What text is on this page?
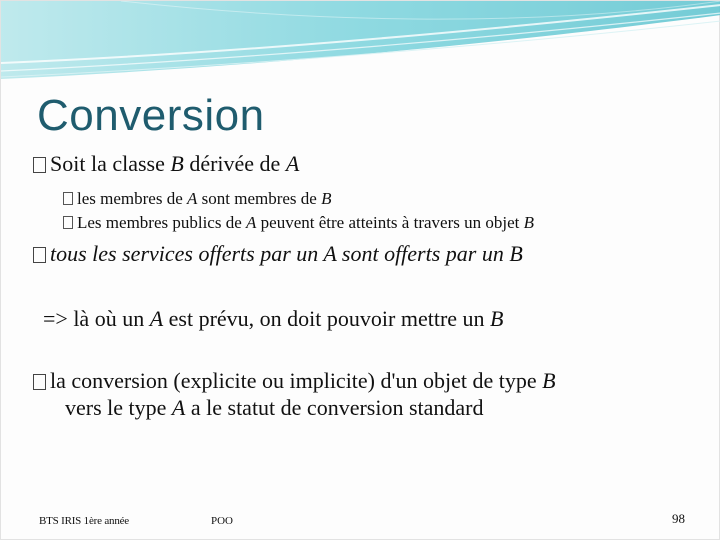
Conversion
Soit la classe B dérivée de A
les membres de A sont membres de B
Les membres publics de A peuvent être atteints à travers un objet B
tous les services offerts par un A sont offerts par un B
=> là où un A est prévu, on doit pouvoir mettre un B
la conversion (explicite ou implicite) d'un objet de type B
vers le type A a le statut de conversion standard
BTS IRIS 1ère année	POO	98
